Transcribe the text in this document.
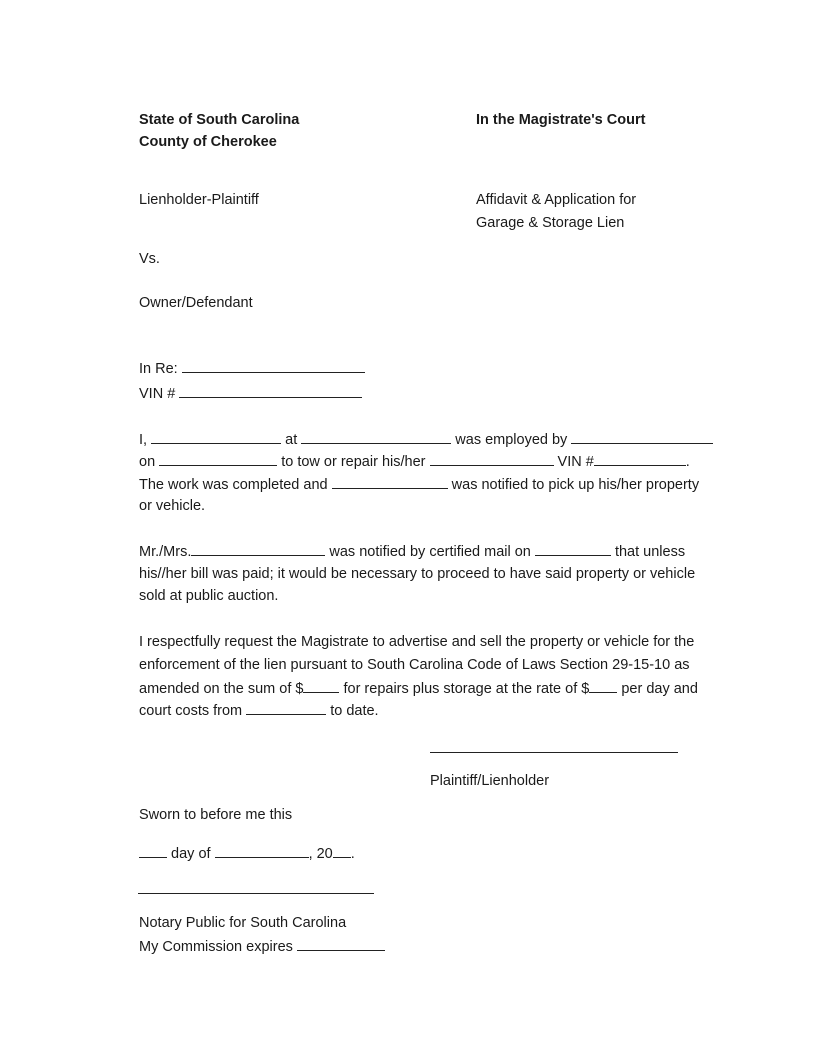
State of South Carolina
County of Cherokee
In the Magistrate's Court
Lienholder-Plaintiff	Affidavit & Application for
Garage & Storage Lien
Vs.
Owner/Defendant
In Re:
VIN #
I,	at	was employed by
on	to tow or repair his/her	VIN #	.
The work was completed and	was notified to pick up his/her property
or vehicle.
Mr./Mrs.	was notified by certified mail on	that unless
his//her bill was paid; it would be necessary to proceed to have said property or vehicle
sold at public auction.
I respectfully request the Magistrate to advertise and sell the property or vehicle for the
enforcement of the lien pursuant to South Carolina Code of Laws Section 29-15-10 as
amended on the sum of $	for repairs plus storage at the rate of $ per day and
court costs from	to date.
Plaintiff/Lienholder
Sworn to before me this
day of	, 20 .
Notary Public for South Carolina
My Commission expires
